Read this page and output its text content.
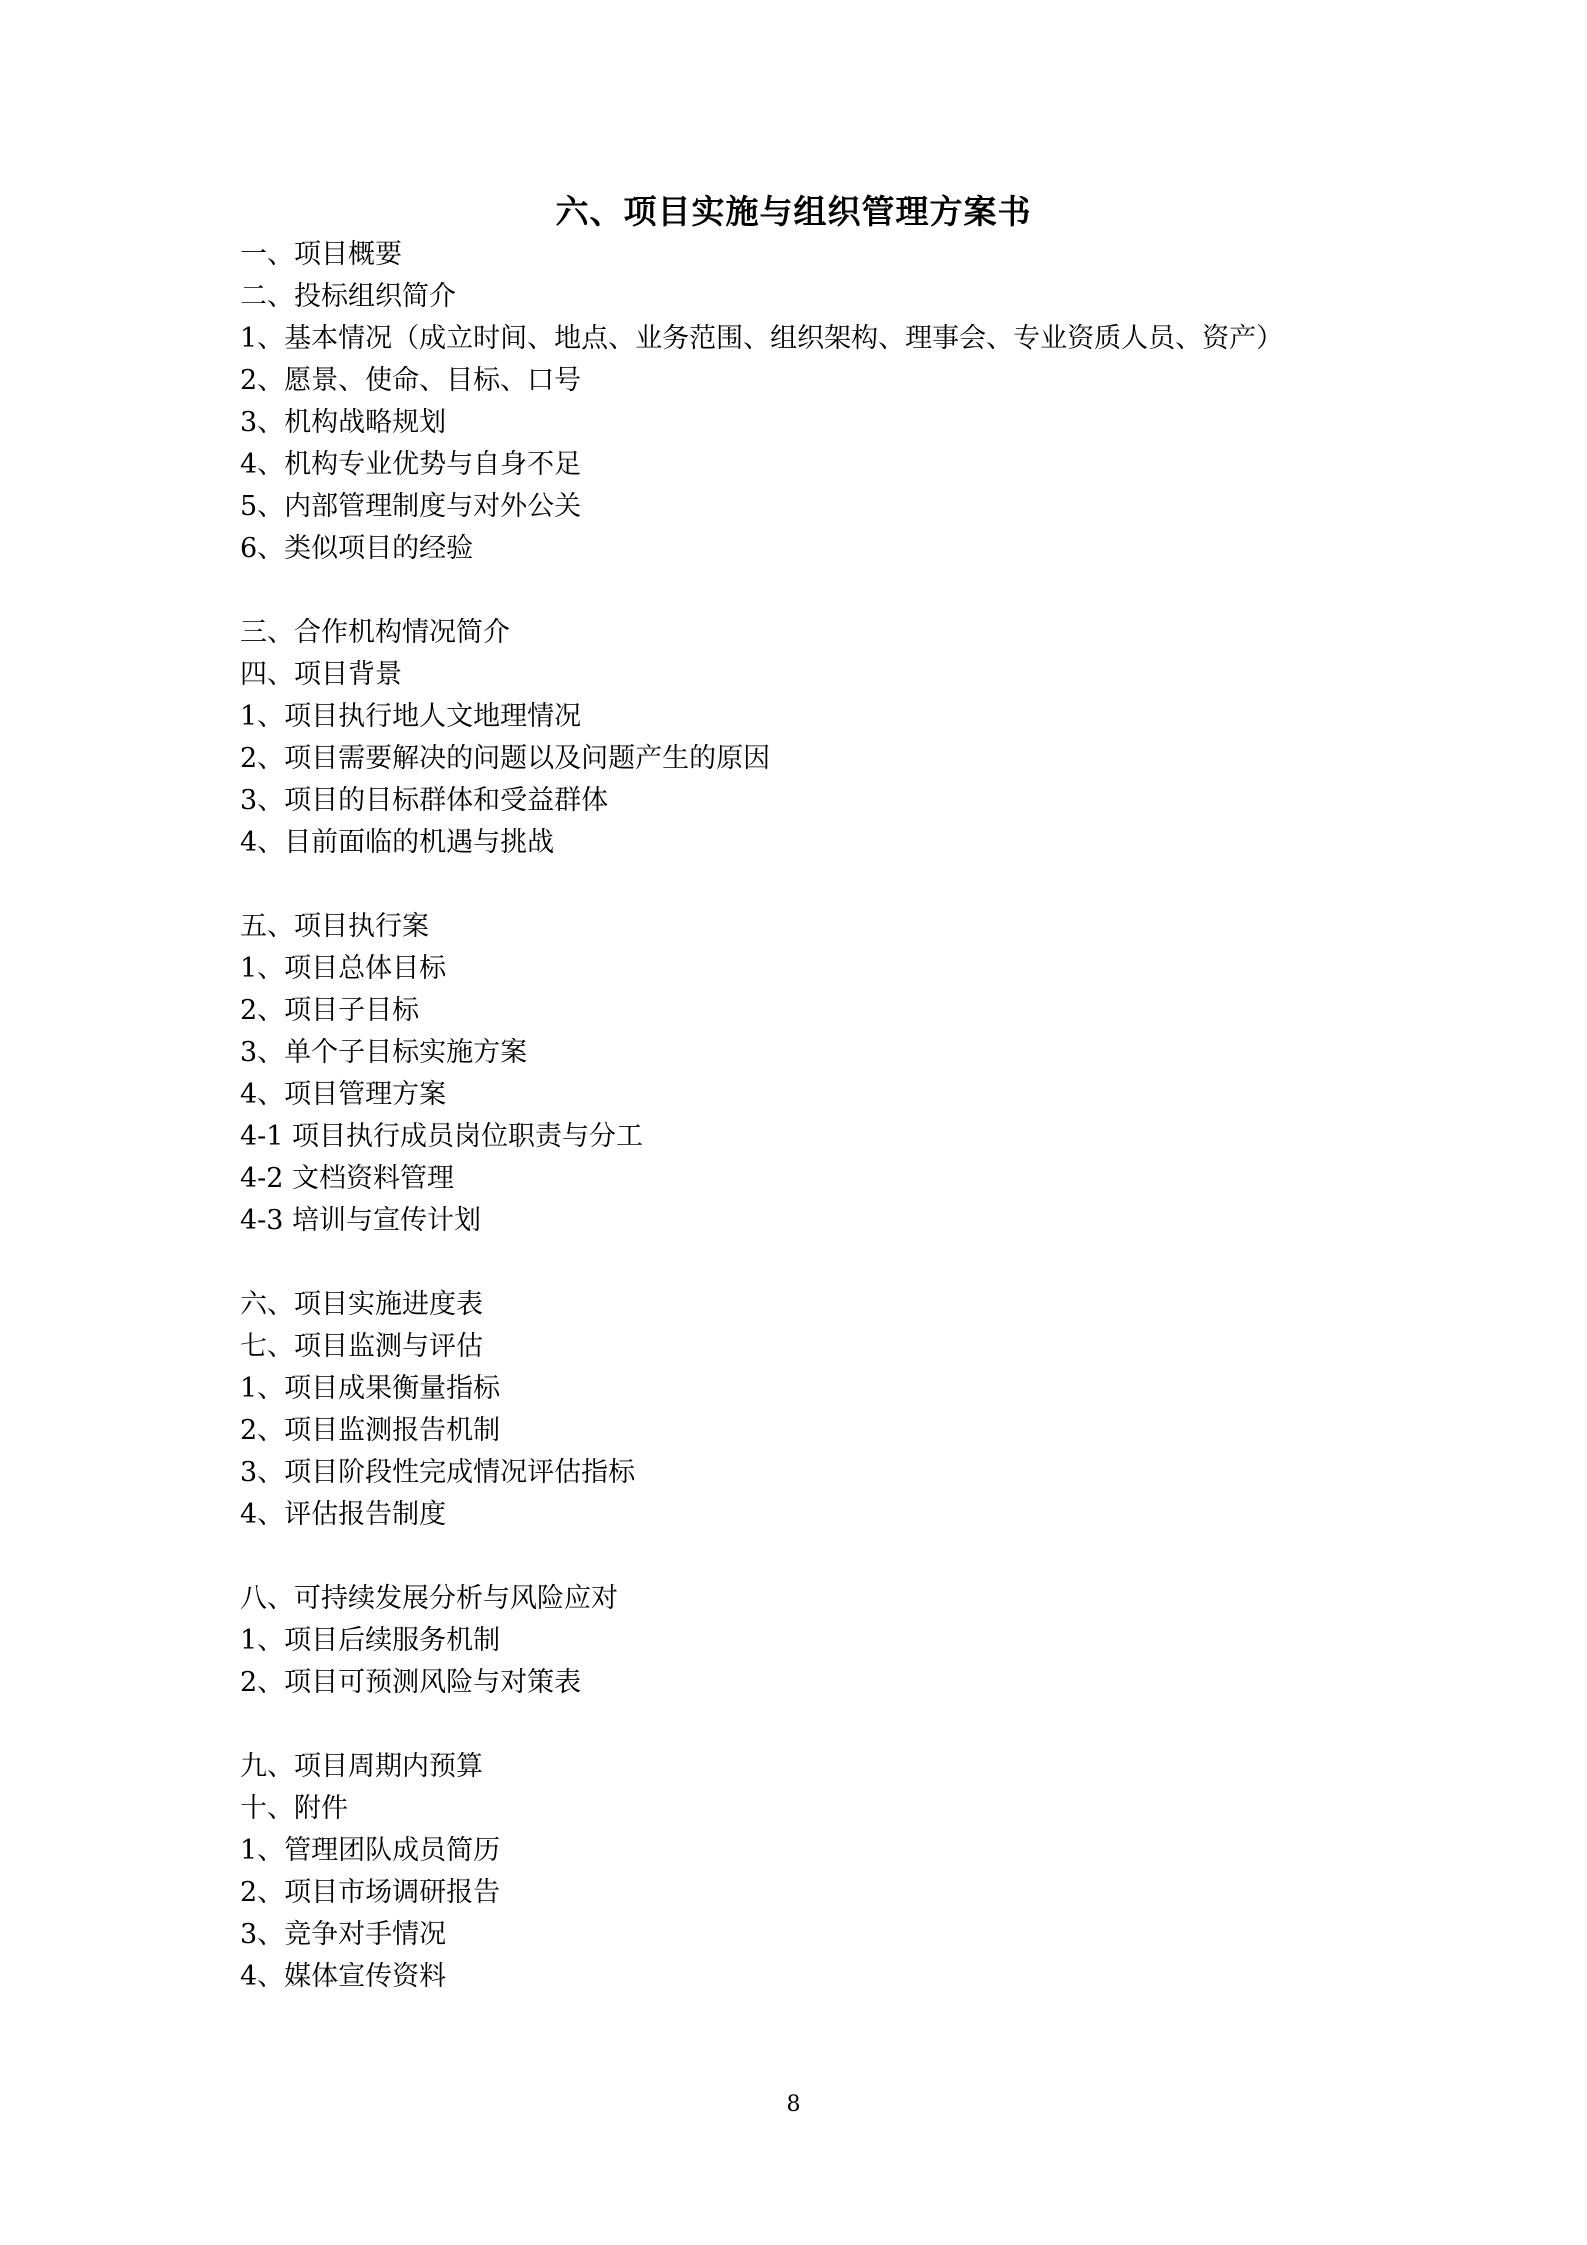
六、项目实施与组织管理方案书
一、项目概要
二、投标组织简介
1、基本情况（成立时间、地点、业务范围、组织架构、理事会、专业资质人员、资产）
2、愿景、使命、目标、口号
3、机构战略规划
4、机构专业优势与自身不足
5、内部管理制度与对外公关
6、类似项目的经验
三、合作机构情况简介
四、项目背景
1、项目执行地人文地理情况
2、项目需要解决的问题以及问题产生的原因
3、项目的目标群体和受益群体
4、目前面临的机遇与挑战
五、项目执行案
1、项目总体目标
2、项目子目标
3、单个子目标实施方案
4、项目管理方案
4-1 项目执行成员岗位职责与分工
4-2 文档资料管理
4-3 培训与宣传计划
六、项目实施进度表
七、项目监测与评估
1、项目成果衡量指标
2、项目监测报告机制
3、项目阶段性完成情况评估指标
4、评估报告制度
八、可持续发展分析与风险应对
1、项目后续服务机制
2、项目可预测风险与对策表
九、项目周期内预算
十、附件
1、管理团队成员简历
2、项目市场调研报告
3、竞争对手情况
4、媒体宣传资料
8
